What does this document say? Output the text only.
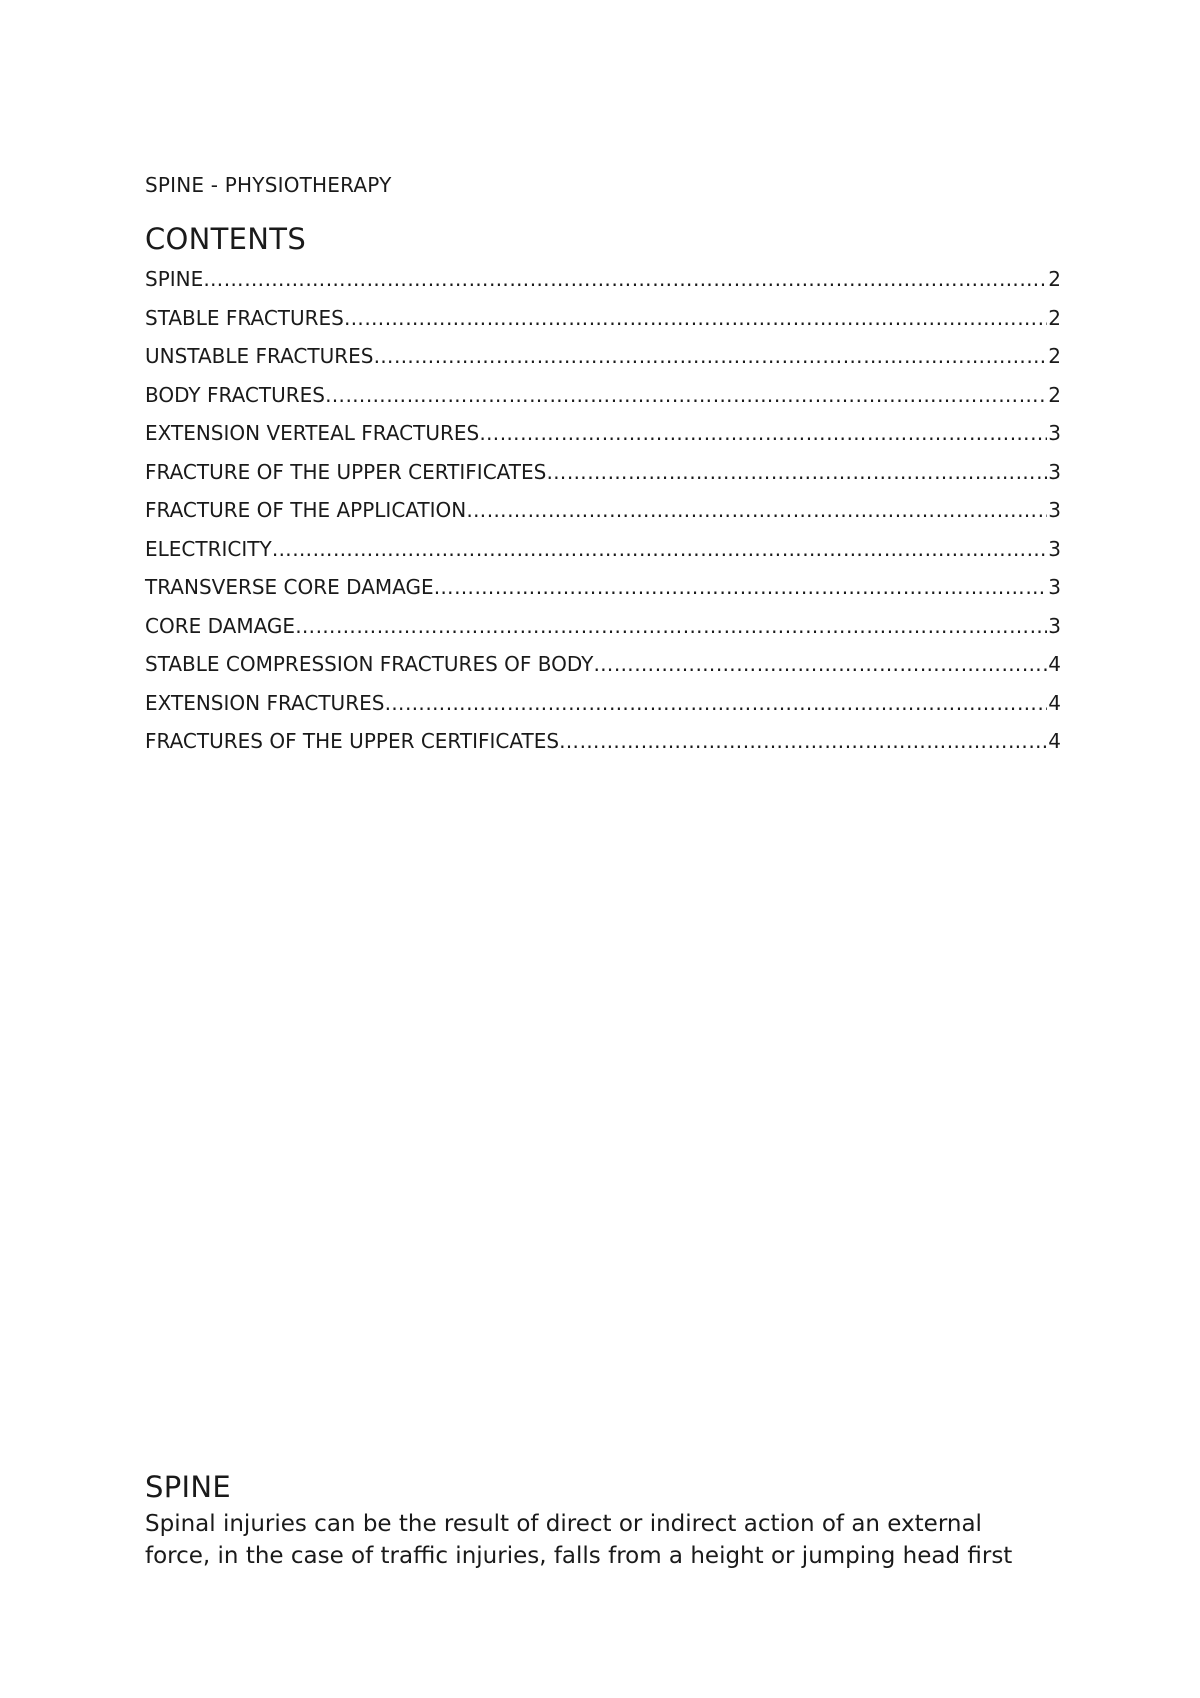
SPINE - PHYSIOTHERAPY
CONTENTS
SPINE …………………………………………………………………………………………………………………………………………………………………………………………………………………………………………………	2
STABLE FRACTURES …………………………………………………………………………………………………………………………………………………………………………………………………………………………………………………	2
UNSTABLE FRACTURES …………………………………………………………………………………………………………………………………………………………………………………………………………………………………………………	2
BODY FRACTURES …………………………………………………………………………………………………………………………………………………………………………………………………………………………………………………	2
EXTENSION VERTEAL FRACTURES …………………………………………………………………………………………………………………………………………………………………………………………………………………………………………………	3
FRACTURE OF THE UPPER CERTIFICATES …………………………………………………………………………………………………………………………………………………………………………………………………………………………………………………	3
FRACTURE OF THE APPLICATION …………………………………………………………………………………………………………………………………………………………………………………………………………………………………………………	3
ELECTRICITY …………………………………………………………………………………………………………………………………………………………………………………………………………………………………………………	3
TRANSVERSE CORE DAMAGE …………………………………………………………………………………………………………………………………………………………………………………………………………………………………………………	3
CORE DAMAGE …………………………………………………………………………………………………………………………………………………………………………………………………………………………………………………	3
STABLE COMPRESSION FRACTURES OF BODY …………………………………………………………………………………………………………………………………………………………………………………………………………………………………………………	4
EXTENSION FRACTURES …………………………………………………………………………………………………………………………………………………………………………………………………………………………………………………	4
FRACTURES OF THE UPPER CERTIFICATES …………………………………………………………………………………………………………………………………………………………………………………………………………………………………………………	4
SPINE

Spinal injuries can be the result of direct or indirect action of an external
force, in the case of traffic injuries, falls from a height or jumping head first
